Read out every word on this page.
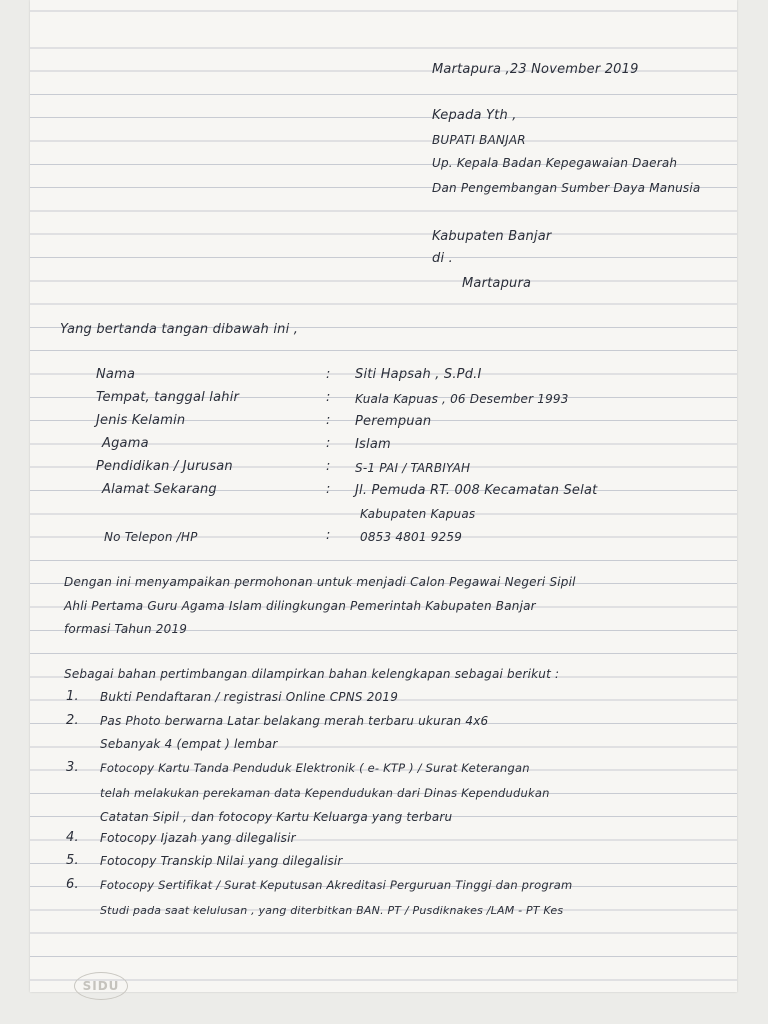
Martapura ,23 November 2019
Kepada Yth ,
BUPATI BANJAR
Up. Kepala Badan Kepegawaian Daerah
Dan Pengembangan Sumber Daya Manusia
Kabupaten Banjar
di .
Martapura
Yang bertanda tangan dibawah ini ,
Nama	: Siti Hapsah , S.Pd.I
Tempat, tanggal lahir	: Kuala Kapuas , 06 Desember 1993
Jenis Kelamin	: Perempuan
Agama	: Islam
Pendidikan / Jurusan	: S-1 PAI / TARBIYAH
Alamat Sekarang	: Jl. Pemuda RT. 008 Kecamatan Selat
Kabupaten Kapuas
No Telepon /HP	: 0853 4801 9259
Dengan ini menyampaikan permohonan untuk menjadi Calon Pegawai Negeri Sipil
Ahli Pertama Guru Agama Islam dilingkungan Pemerintah Kabupaten Banjar
formasi Tahun 2019
Sebagai bahan pertimbangan dilampirkan bahan kelengkapan sebagai berikut :
1. Bukti Pendaftaran / registrasi Online CPNS 2019
2. Pas Photo berwarna Latar belakang merah terbaru ukuran 4x6
Sebanyak 4 (empat ) lembar
3. Fotocopy Kartu Tanda Penduduk Elektronik ( e- KTP ) / Surat Keterangan
telah melakukan perekaman data Kependudukan dari Dinas Kependudukan
Catatan Sipil , dan fotocopy Kartu Keluarga yang terbaru
4. Fotocopy Ijazah yang dilegalisir
5. Fotocopy Transkip Nilai yang dilegalisir
6. Fotocopy Sertifikat / Surat Keputusan Akreditasi Perguruan Tinggi dan program
Studi pada saat kelulusan , yang diterbitkan BAN. PT / Pusdiknakes /LAM - PT Kes
SIDU
